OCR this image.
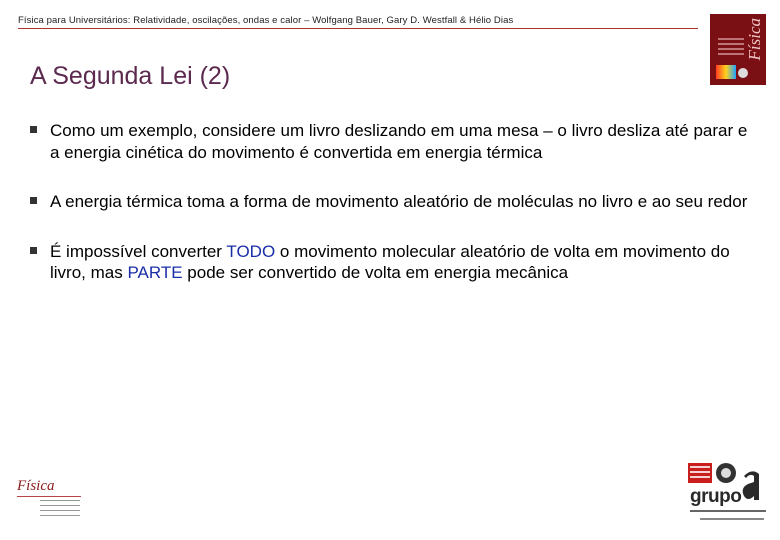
Física para Universitários: Relatividade, oscilações, ondas e calor – Wolfgang Bauer, Gary D. Westfall & Hélio Dias	Física
A Segunda Lei (2)
Como um exemplo, considere um livro deslizando em uma mesa – o livro desliza até parar e a energia cinética do movimento é convertida em energia térmica
A energia térmica toma a forma de movimento aleatório de moléculas no livro e ao seu redor
É impossível converter TODO o movimento molecular aleatório de volta em movimento do livro, mas PARTE pode ser convertido de volta em energia mecânica
Física	grupo
